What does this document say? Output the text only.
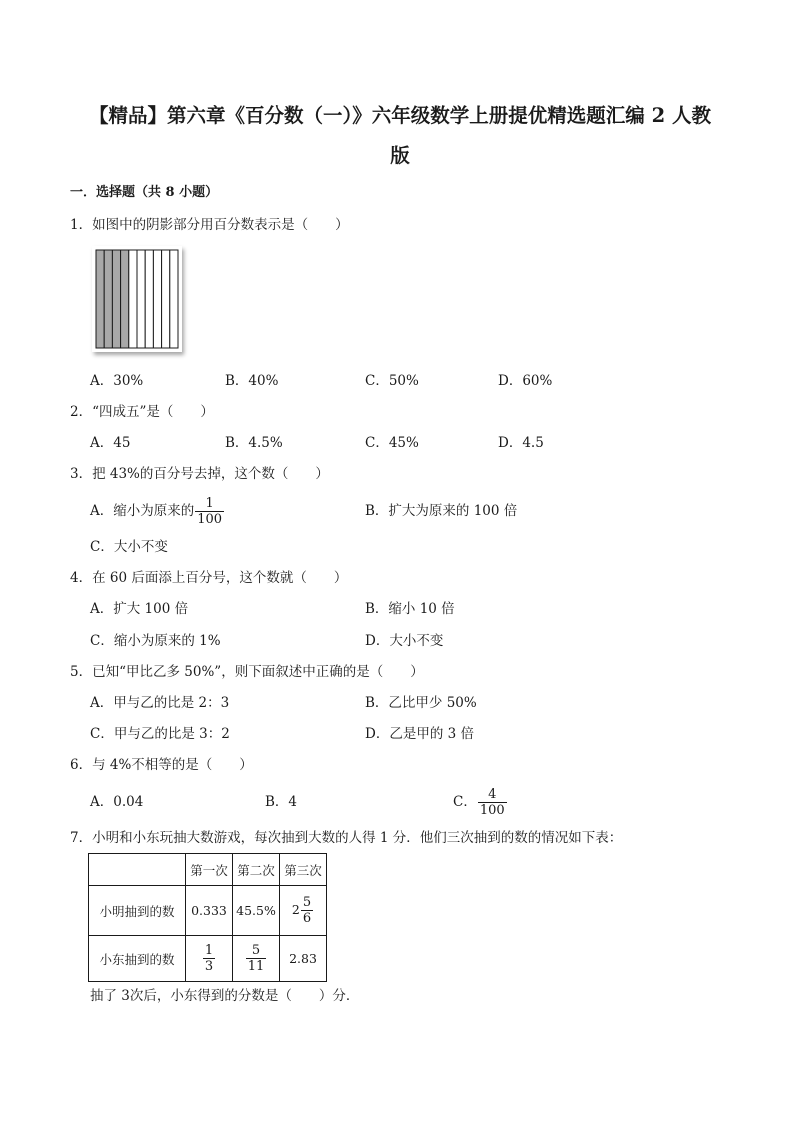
【精品】第六章《百分数（一）》六年级数学上册提优精选题汇编 2 人教
版
一．选择题（共 8 小题）
1．如图中的阴影部分用百分数表示是（　　）
A．30%	B．40%	C．50%	D．60%
2．“四成五”是（　　）
A．45	B．4.5%	C．45%	D．4.5
3．把 43%的百分号去掉，这个数（　　）
A．缩小为原来的 $\frac{1}{100}$	B．扩大为原来的 100 倍
C．大小不变
4．在 60 后面添上百分号，这个数就（　　）
A．扩大 100 倍	B．缩小 10 倍
C．缩小为原来的 1%	D．大小不变
5．已知“甲比乙多 50%”，则下面叙述中正确的是（　　）
A．甲与乙的比是 2：3	B．乙比甲少 50%
C．甲与乙的比是 3：2	D．乙是甲的 3 倍
6．与 4%不相等的是（　　）
A．0.04	B．4	C． $\frac{4}{100}$
7．小明和小东玩抽大数游戏，每次抽到大数的人得 1 分．他们三次抽到的数的情况如下表：
	第一次	第二次	第三次
小明抽到的数	0.333	45.5%	$2 \frac{5}{6}$

小东抽到的数	$\frac{1}{3}$	$\frac{5}{11}$	2.83
抽了 3次后，小东得到的分数是（　　）分．
